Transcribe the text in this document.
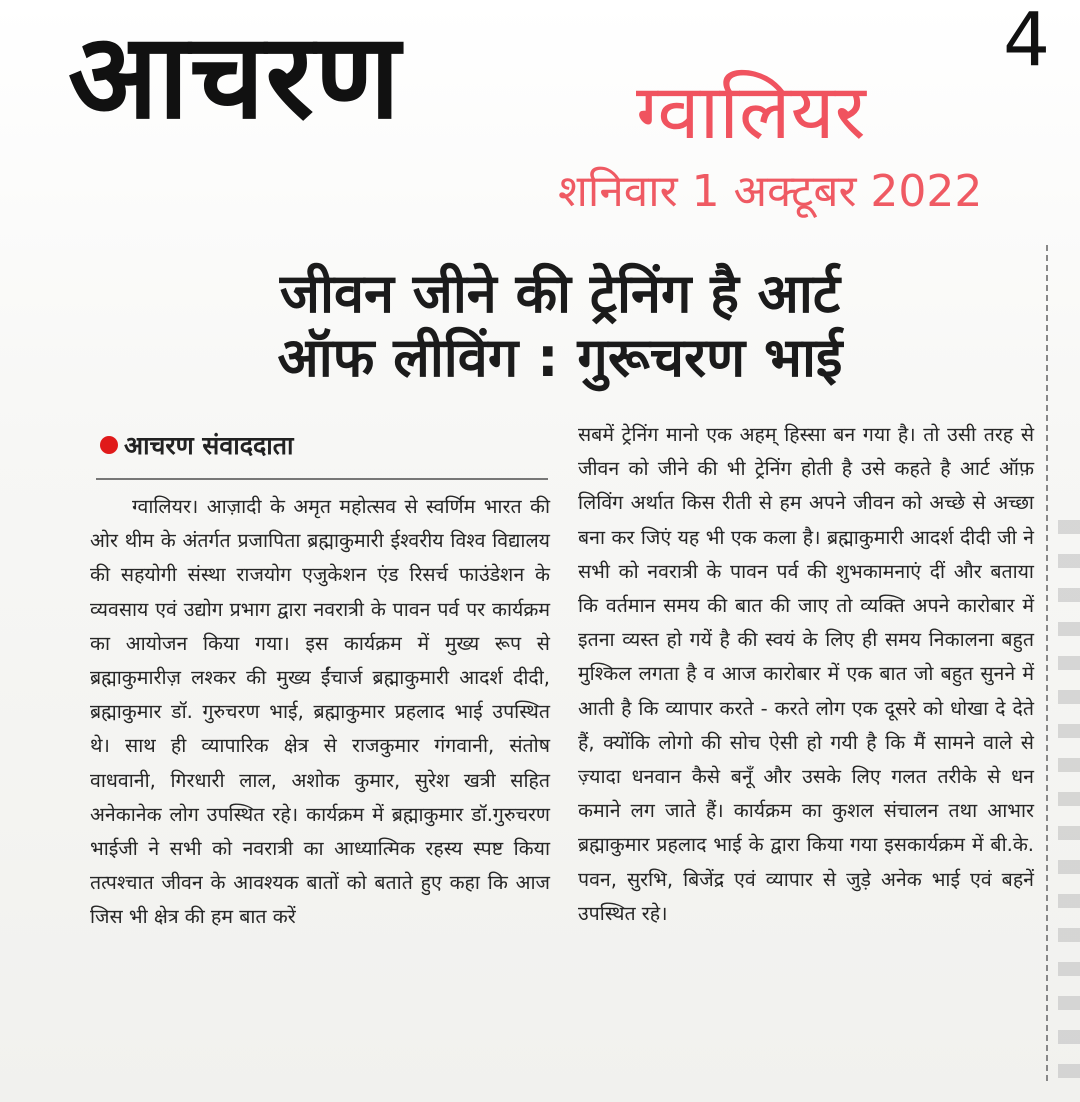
आचरण	4
ग्वालियर
शनिवार 1 अक्टूबर 2022
जीवन जीने की ट्रेनिंग है आर्ट
ऑफ लीविंग : गुरूचरण भाई
आचरण संवाददाता
ग्वालियर। आज़ादी के अमृत महोत्सव से स्वर्णिम भारत की ओर थीम के अंतर्गत प्रजापिता ब्रह्माकुमारी ईश्वरीय विश्व विद्यालय की सहयोगी संस्था राजयोग एजुकेशन एंड रिसर्च फाउंडेशन के व्यवसाय एवं उद्योग प्रभाग द्वारा नवरात्री के पावन पर्व पर कार्यक्रम का आयोजन किया गया। इस कार्यक्रम में मुख्य रूप से ब्रह्माकुमारीज़ लश्कर की मुख्य ईंचार्ज ब्रह्माकुमारी आदर्श दीदी, ब्रह्माकुमार डॉ. गुरुचरण भाई, ब्रह्माकुमार प्रहलाद भाई उपस्थित थे। साथ ही व्यापारिक क्षेत्र से राजकुमार गंगवानी, संतोष वाधवानी, गिरधारी लाल, अशोक कुमार, सुरेश खत्री सहित अनेकानेक लोग उपस्थित रहे। कार्यक्रम में ब्रह्माकुमार डॉ.गुरुचरण भाईजी ने सभी को नवरात्री का आध्यात्मिक रहस्य स्पष्ट किया तत्पश्चात जीवन के आवश्यक बातों को बताते हुए कहा कि आज जिस भी क्षेत्र की हम बात करें
सबमें ट्रेनिंग मानो एक अहम् हिस्सा बन गया है। तो उसी तरह से जीवन को जीने की भी ट्रेनिंग होती है उसे कहते है आर्ट ऑफ़ लिविंग अर्थात किस रीती से हम अपने जीवन को अच्छे से अच्छा बना कर जिएं यह भी एक कला है। ब्रह्माकुमारी आदर्श दीदी जी ने सभी को नवरात्री के पावन पर्व की शुभकामनाएं दीं और बताया कि वर्तमान समय की बात की जाए तो व्यक्ति अपने कारोबार में इतना व्यस्त हो गयें है की स्वयं के लिए ही समय निकालना बहुत मुश्किल लगता है व आज कारोबार में एक बात जो बहुत सुनने में आती है कि व्यापार करते - करते लोग एक दूसरे को धोखा दे देते हैं, क्योंकि लोगो की सोच ऐसी हो गयी है कि मैं सामने वाले से ज़्यादा धनवान कैसे बनूँ और उसके लिए गलत तरीके से धन कमाने लग जाते हैं। कार्यक्रम का कुशल संचालन तथा आभार ब्रह्माकुमार प्रहलाद भाई के द्वारा किया गया इसकार्यक्रम में बी.के. पवन, सुरभि, बिजेंद्र एवं व्यापार से जुड़े अनेक भाई एवं बहनें उपस्थित रहे।
